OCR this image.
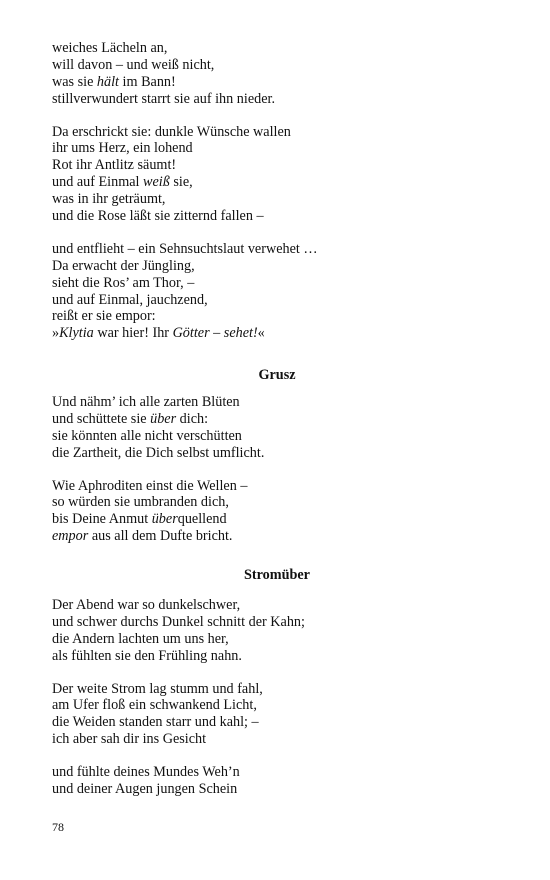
weiches Lächeln an,
will davon – und weiß nicht,
was sie hält im Bann!
stillverwundert starrt sie auf ihn nieder.
Da erschrickt sie: dunkle Wünsche wallen
ihr ums Herz, ein lohend
Rot ihr Antlitz säumt!
und auf Einmal weiß sie,
was in ihr geträumt,
und die Rose läßt sie zitternd fallen –
und entflieht – ein Sehnsuchtslaut verwehet …
Da erwacht der Jüngling,
sieht die Ros’ am Thor, –
und auf Einmal, jauchzend,
reißt er sie empor:
»Klytia war hier! Ihr Götter – sehet!«
Grusz
Und nähm’ ich alle zarten Blüten
und schüttete sie über dich:
sie könnten alle nicht verschütten
die Zartheit, die Dich selbst umflicht.
Wie Aphroditen einst die Wellen –
so würden sie umbranden dich,
bis Deine Anmut überquellend
empor aus all dem Dufte bricht.
Stromüber
Der Abend war so dunkelschwer,
und schwer durchs Dunkel schnitt der Kahn;
die Andern lachten um uns her,
als fühlten sie den Frühling nahn.
Der weite Strom lag stumm und fahl,
am Ufer floß ein schwankend Licht,
die Weiden standen starr und kahl; –
ich aber sah dir ins Gesicht
und fühlte deines Mundes Weh’n
und deiner Augen jungen Schein
78
